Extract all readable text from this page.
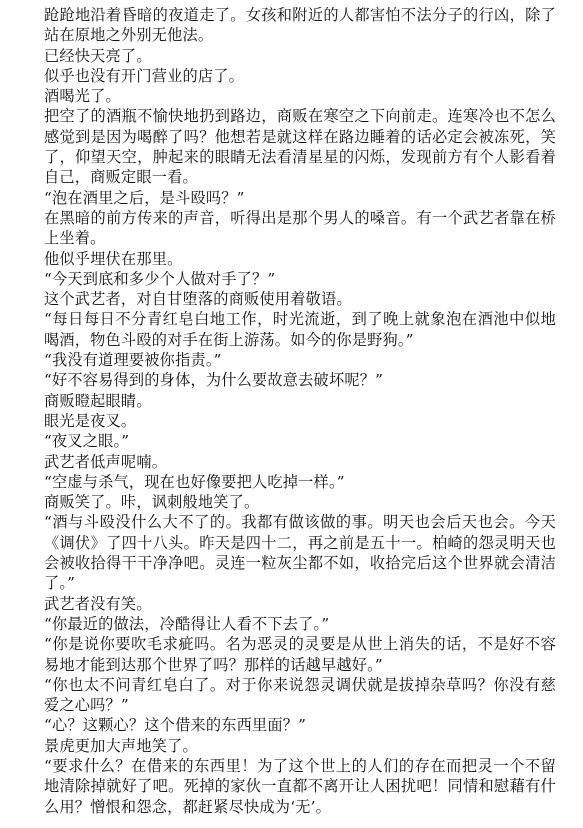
跄跄地沿着昏暗的夜道走了。女孩和附近的人都害怕不法分子的行凶，除了站在原地之外别无他法。

已经快天亮了。

似乎也没有开门营业的店了。

酒喝光了。

把空了的酒瓶不愉快地扔到路边，商贩在寒空之下向前走。连寒冷也不怎么感觉到是因为喝醉了吗？他想若是就这样在路边睡着的话必定会被冻死，笑了，仰望天空，肿起来的眼睛无法看清星星的闪烁，发现前方有个人影看着自己，商贩定眼一看。

“泡在酒里之后，是斗殴吗？”

在黑暗的前方传来的声音，听得出是那个男人的嗓音。有一个武艺者靠在桥上坐着。

他似乎埋伏在那里。

“今天到底和多少个人做对手了？”

这个武艺者，对自甘堕落的商贩使用着敬语。

“每日每日不分青红皂白地工作，时光流逝，到了晚上就象泡在酒池中似地喝酒，物色斗殴的对手在街上游荡。如今的你是野狗。”

“我没有道理要被你指责。”

“好不容易得到的身体，为什么要故意去破坏呢？”

商贩瞪起眼睛。

眼光是夜叉。

“夜叉之眼。”

武艺者低声呢喃。

“空虚与杀气，现在也好像要把人吃掉一样。”

商贩笑了。咔，讽刺般地笑了。

“酒与斗殴没什么大不了的。我都有做该做的事。明天也会后天也会。今天《调伏》了四十八头。昨天是四十二，再之前是五十一。柏崎的怨灵明天也会被收拾得干干净净吧。灵连一粒灰尘都不如，收拾完后这个世界就会清洁了。”

武艺者没有笑。

“你最近的做法，冷酷得让人看不下去了。”

“你是说你要吹毛求疵吗。名为恶灵的灵要是从世上消失的话，不是好不容易地才能到达那个世界了吗？那样的话越早越好。”

“你也太不问青红皂白了。对于你来说怨灵调伏就是拔掉杂草吗？你没有慈爱之心吗？”

“心？这颗心？这个借来的东西里面？”

景虎更加大声地笑了。

“要求什么？在借来的东西里！为了这个世上的人们的存在而把灵一个不留地清除掉就好了吧。死掉的家伙一直都不离开让人困扰吧！同情和慰藉有什么用？憎恨和怨念，都赶紧尽快成为‘无’。
